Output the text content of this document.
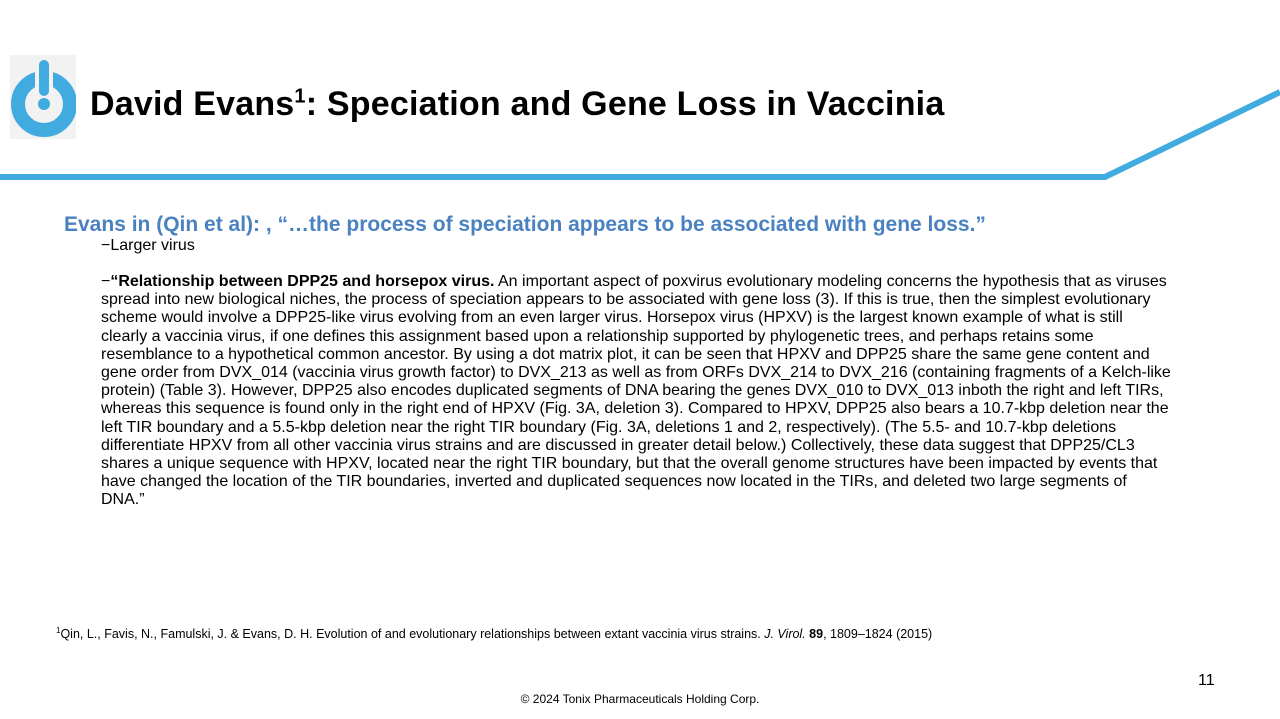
David Evans$^1$: Speciation and Gene Loss in Vaccinia

Evans in (Qin et al): , “…the process of speciation appears to be associated with gene loss.”

−Larger virus

−“Relationship between DPP25 and horsepox virus. An important aspect of poxvirus evolutionary modeling concerns the hypothesis that as viruses spread into new biological niches, the process of speciation appears to be associated with gene loss (3). If this is true, then the simplest evolutionary scheme would involve a DPP25-like virus evolving from an even larger virus. Horsepox virus (HPXV) is the largest known example of what is still clearly a vaccinia virus, if one defines this assignment based upon a relationship supported by phylogenetic trees, and perhaps retains some resemblance to a hypothetical common ancestor. By using a dot matrix plot, it can be seen that HPXV and DPP25 share the same gene content and gene order from DVX_014 (vaccinia virus growth factor) to DVX_213 as well as from ORFs DVX_214 to DVX_216 (containing fragments of a Kelch-like protein) (Table 3). However, DPP25 also encodes duplicated segments of DNA bearing the genes DVX_010 to DVX_013 inboth the right and left TIRs, whereas this sequence is found only in the right end of HPXV (Fig. 3A, deletion 3). Compared to HPXV, DPP25 also bears a 10.7-kbp deletion near the left TIR boundary and a 5.5-kbp deletion near the right TIR boundary (Fig. 3A, deletions 1 and 2, respectively). (The 5.5- and 10.7-kbp deletions differentiate HPXV from all other vaccinia virus strains and are discussed in greater detail below.) Collectively, these data suggest that DPP25/CL3 shares a unique sequence with HPXV, located near the right TIR boundary, but that the overall genome structures have been impacted by events that have changed the location of the TIR boundaries, inverted and duplicated sequences now located in the TIRs, and deleted two large segments of DNA.”

$^1$Qin, L., Favis, N., Famulski, J. & Evans, D. H. Evolution of and evolutionary relationships between extant vaccinia virus strains. J. Virol. 89, 1809–1824 (2015)

11
© 2024 Tonix Pharmaceuticals Holding Corp.
